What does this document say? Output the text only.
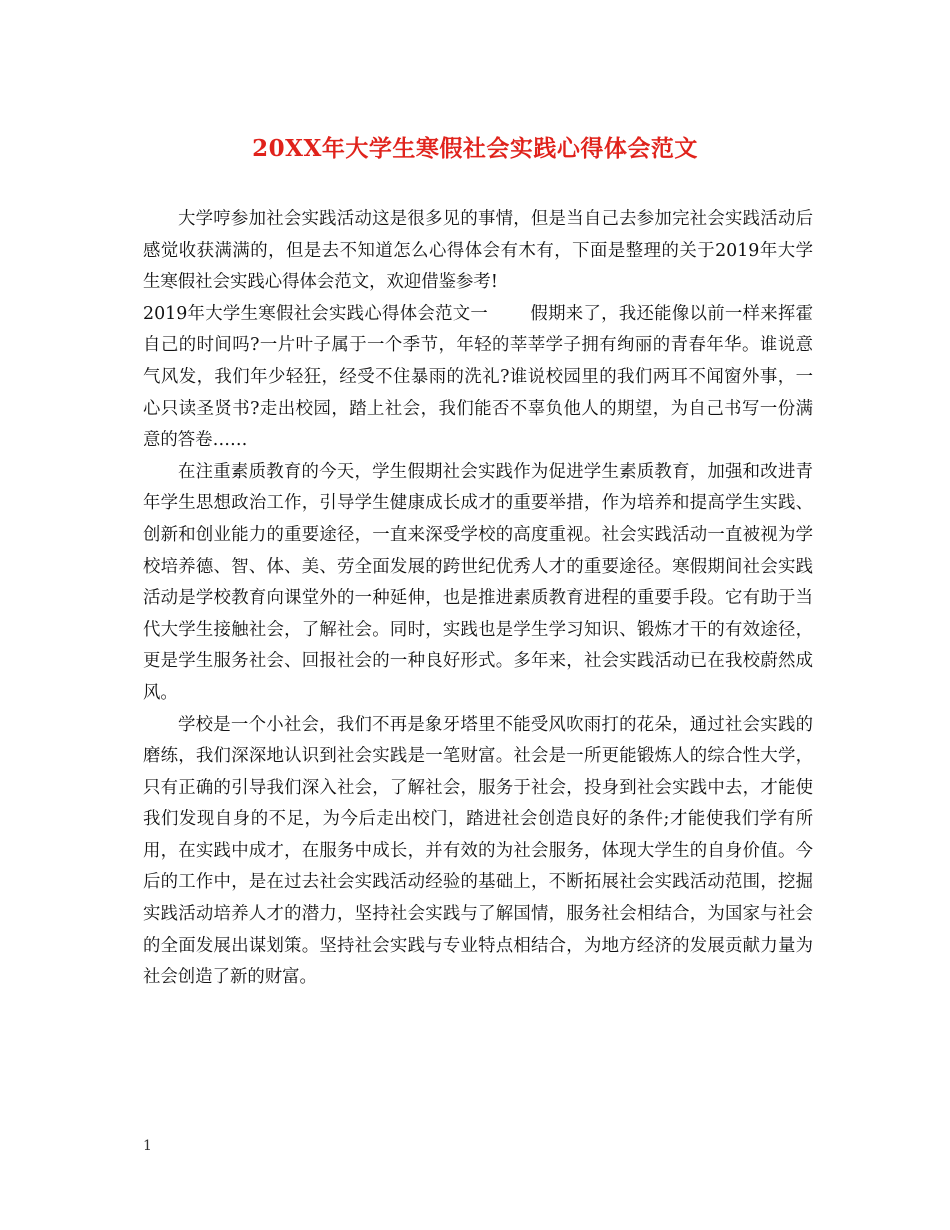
20XX年大学生寒假社会实践心得体会范文

大学哼参加社会实践活动这是很多见的事情，但是当自己去参加完社会实践活动后感觉收获满满的，但是去不知道怎么心得体会有木有，下面是整理的关于2019年大学生寒假社会实践心得体会范文，欢迎借鉴参考!

2019年大学生寒假社会实践心得体会范文一 假期来了，我还能像以前一样来挥霍自己的时间吗?一片叶子属于一个季节，年轻的莘莘学子拥有绚丽的青春年华。谁说意气风发，我们年少轻狂，经受不住暴雨的洗礼?谁说校园里的我们两耳不闻窗外事，一心只读圣贤书?走出校园，踏上社会，我们能否不辜负他人的期望，为自己书写一份满意的答卷……

在注重素质教育的今天，学生假期社会实践作为促进学生素质教育，加强和改进青年学生思想政治工作，引导学生健康成长成才的重要举措，作为培养和提高学生实践、创新和创业能力的重要途径，一直来深受学校的高度重视。社会实践活动一直被视为学校培养德、智、体、美、劳全面发展的跨世纪优秀人才的重要途径。寒假期间社会实践活动是学校教育向课堂外的一种延伸，也是推进素质教育进程的重要手段。它有助于当代大学生接触社会，了解社会。同时，实践也是学生学习知识、锻炼才干的有效途径，更是学生服务社会、回报社会的一种良好形式。多年来，社会实践活动已在我校蔚然成风。

学校是一个小社会，我们不再是象牙塔里不能受风吹雨打的花朵，通过社会实践的磨练，我们深深地认识到社会实践是一笔财富。社会是一所更能锻炼人的综合性大学，只有正确的引导我们深入社会，了解社会，服务于社会，投身到社会实践中去，才能使我们发现自身的不足，为今后走出校门，踏进社会创造良好的条件;才能使我们学有所用，在实践中成才，在服务中成长，并有效的为社会服务，体现大学生的自身价值。今后的工作中，是在过去社会实践活动经验的基础上，不断拓展社会实践活动范围，挖掘实践活动培养人才的潜力，坚持社会实践与了解国情，服务社会相结合，为国家与社会的全面发展出谋划策。坚持社会实践与专业特点相结合，为地方经济的发展贡献力量为社会创造了新的财富。

1
